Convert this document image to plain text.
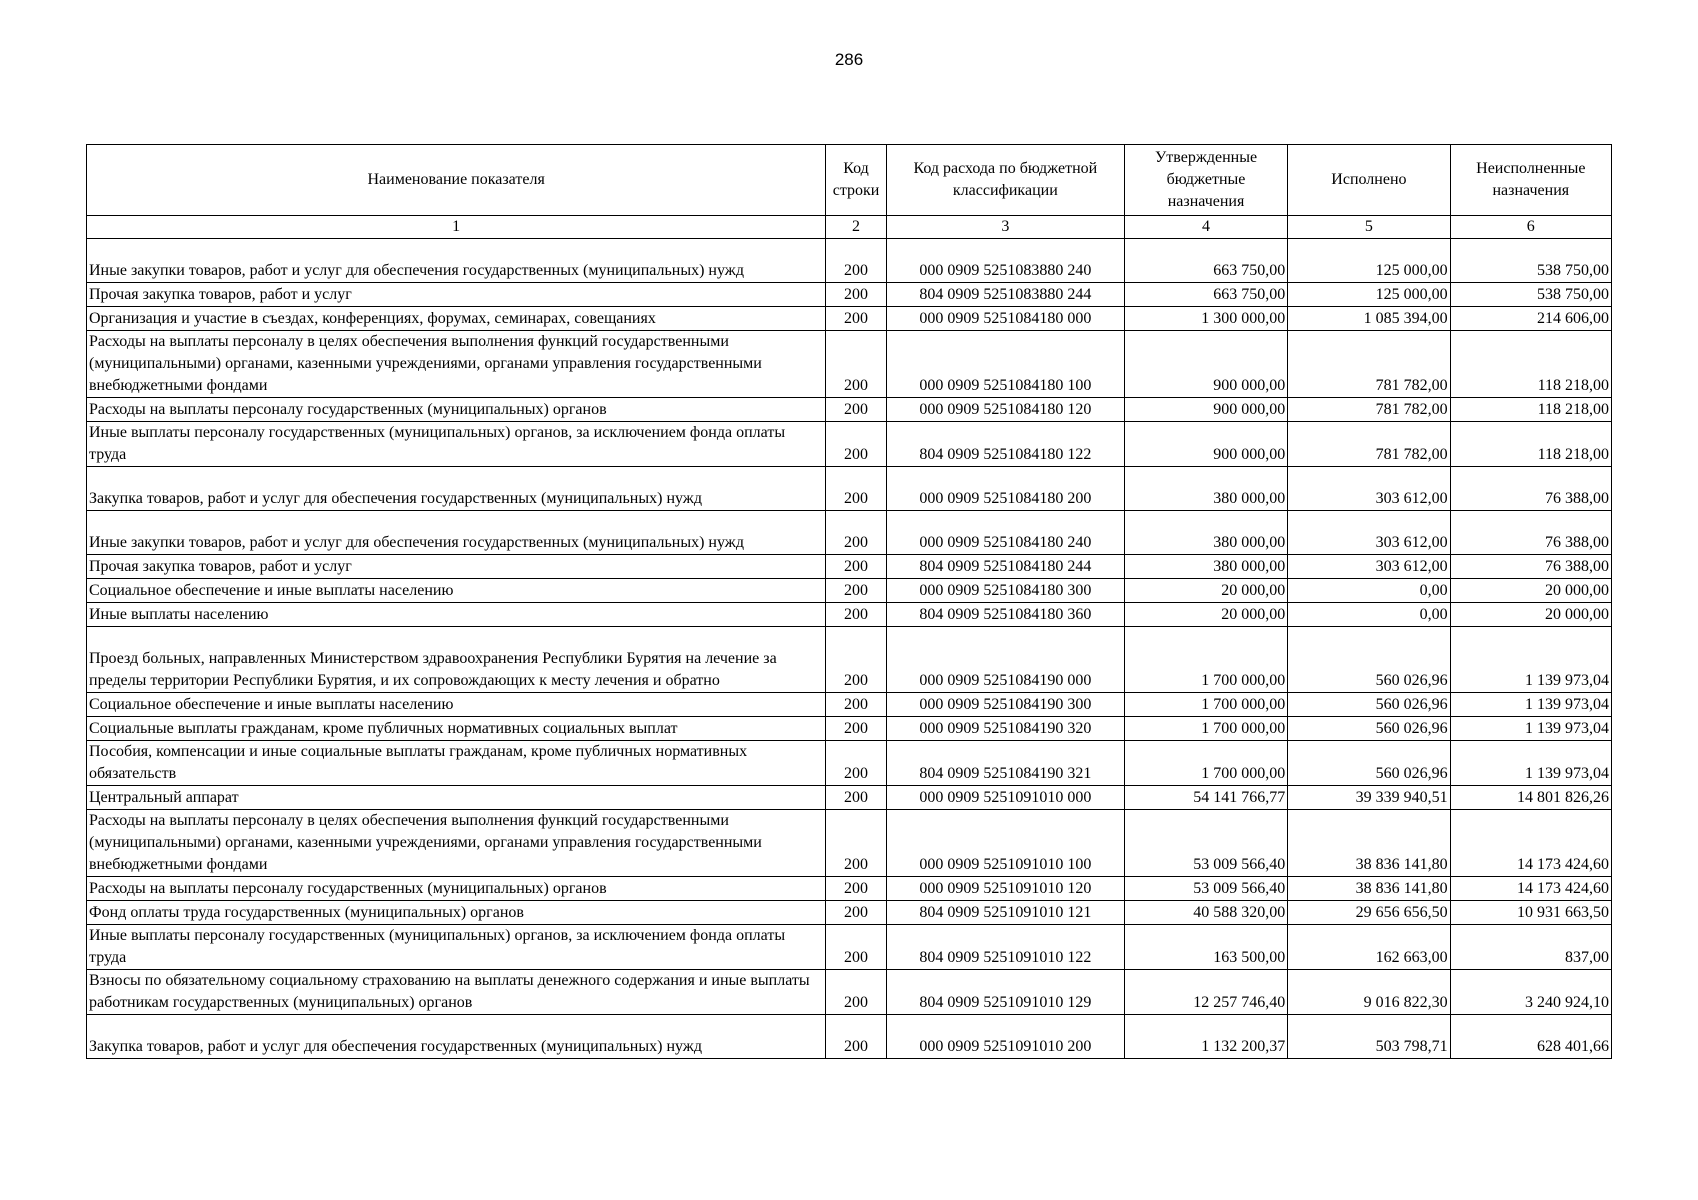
286
Наименование показателя	Код строки	Код расхода по бюджетной классификации	Утвержденные бюджетные назначения	Исполнено	Неисполненные назначения
1	2	3	4	5	6
Иные закупки товаров, работ и услуг для обеспечения государственных (муниципальных) нужд	200	000 0909 5251083880 240	663 750,00	125 000,00	538 750,00
Прочая закупка товаров, работ и услуг	200	804 0909 5251083880 244	663 750,00	125 000,00	538 750,00
Организация и участие в съездах, конференциях, форумах, семинарах, совещаниях	200	000 0909 5251084180 000	1 300 000,00	1 085 394,00	214 606,00
Расходы на выплаты персоналу в целях обеспечения выполнения функций государственными (муниципальными) органами, казенными учреждениями, органами управления государственными внебюджетными фондами	200	000 0909 5251084180 100	900 000,00	781 782,00	118 218,00
Расходы на выплаты персоналу государственных (муниципальных) органов	200	000 0909 5251084180 120	900 000,00	781 782,00	118 218,00
Иные выплаты персоналу государственных (муниципальных) органов, за исключением фонда оплаты труда	200	804 0909 5251084180 122	900 000,00	781 782,00	118 218,00
Закупка товаров, работ и услуг для обеспечения государственных (муниципальных) нужд	200	000 0909 5251084180 200	380 000,00	303 612,00	76 388,00
Иные закупки товаров, работ и услуг для обеспечения государственных (муниципальных) нужд	200	000 0909 5251084180 240	380 000,00	303 612,00	76 388,00
Прочая закупка товаров, работ и услуг	200	804 0909 5251084180 244	380 000,00	303 612,00	76 388,00
Социальное обеспечение и иные выплаты населению	200	000 0909 5251084180 300	20 000,00	0,00	20 000,00
Иные выплаты населению	200	804 0909 5251084180 360	20 000,00	0,00	20 000,00
Проезд больных, направленных Министерством здравоохранения Республики Бурятия на лечение за пределы территории Республики Бурятия, и их сопровождающих к месту лечения и обратно	200	000 0909 5251084190 000	1 700 000,00	560 026,96	1 139 973,04
Социальное обеспечение и иные выплаты населению	200	000 0909 5251084190 300	1 700 000,00	560 026,96	1 139 973,04
Социальные выплаты гражданам, кроме публичных нормативных социальных выплат	200	000 0909 5251084190 320	1 700 000,00	560 026,96	1 139 973,04
Пособия, компенсации и иные социальные выплаты гражданам, кроме публичных нормативных обязательств	200	804 0909 5251084190 321	1 700 000,00	560 026,96	1 139 973,04
Центральный аппарат	200	000 0909 5251091010 000	54 141 766,77	39 339 940,51	14 801 826,26
Расходы на выплаты персоналу в целях обеспечения выполнения функций государственными (муниципальными) органами, казенными учреждениями, органами управления государственными внебюджетными фондами	200	000 0909 5251091010 100	53 009 566,40	38 836 141,80	14 173 424,60
Расходы на выплаты персоналу государственных (муниципальных) органов	200	000 0909 5251091010 120	53 009 566,40	38 836 141,80	14 173 424,60
Фонд оплаты труда государственных (муниципальных) органов	200	804 0909 5251091010 121	40 588 320,00	29 656 656,50	10 931 663,50
Иные выплаты персоналу государственных (муниципальных) органов, за исключением фонда оплаты труда	200	804 0909 5251091010 122	163 500,00	162 663,00	837,00
Взносы по обязательному социальному страхованию на выплаты денежного содержания и иные выплаты работникам государственных (муниципальных) органов	200	804 0909 5251091010 129	12 257 746,40	9 016 822,30	3 240 924,10
Закупка товаров, работ и услуг для обеспечения государственных (муниципальных) нужд	200	000 0909 5251091010 200	1 132 200,37	503 798,71	628 401,66
